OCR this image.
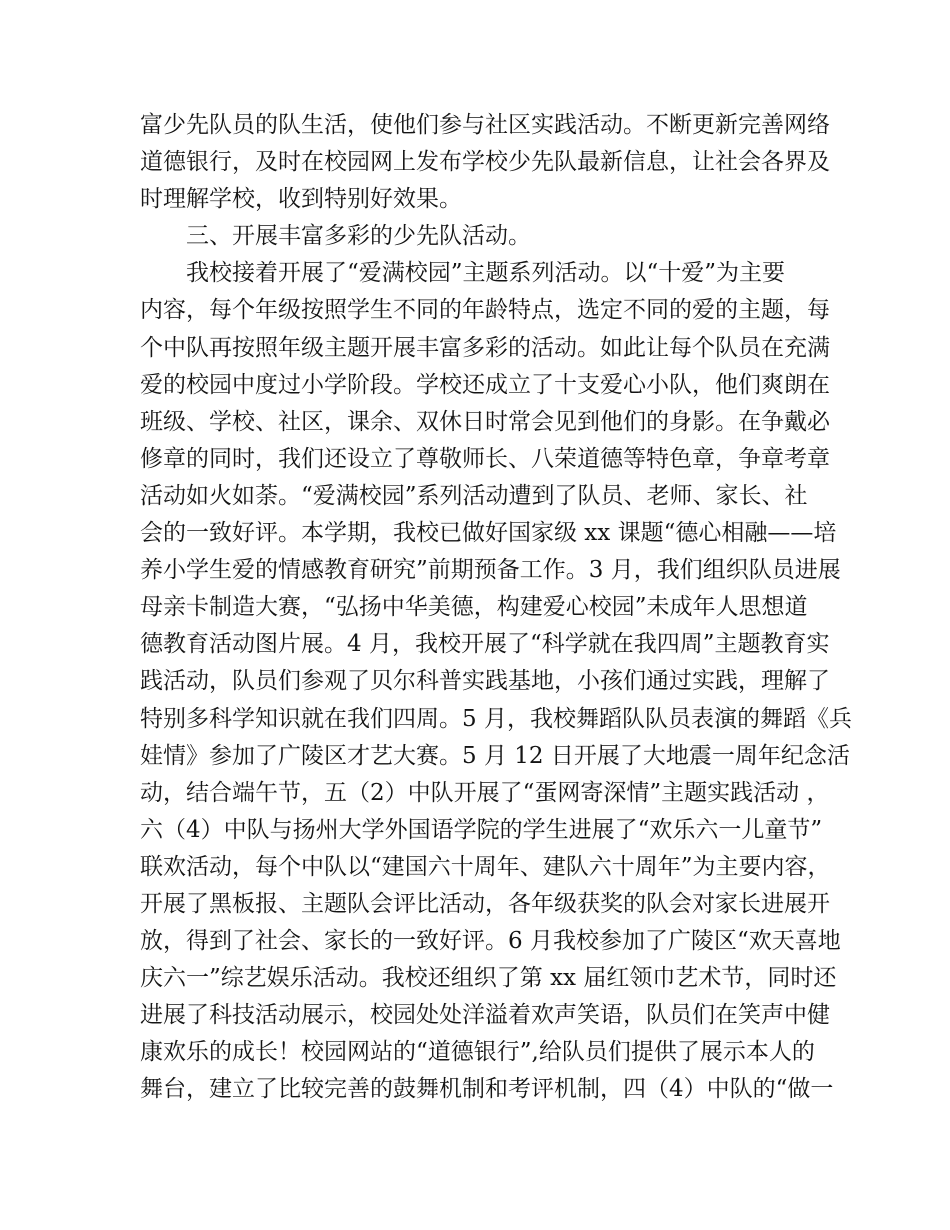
富少先队员的队生活，使他们参与社区实践活动。不断更新完善网络
道德银行，及时在校园网上发布学校少先队最新信息，让社会各界及
时理解学校，收到特别好效果。
三、开展丰富多彩的少先队活动。
我校接着开展了“爱满校园”主题系列活动。以“十爱”为主要
内容，每个年级按照学生不同的年龄特点，选定不同的爱的主题，每
个中队再按照年级主题开展丰富多彩的活动。如此让每个队员在充满
爱的校园中度过小学阶段。学校还成立了十支爱心小队，他们爽朗在
班级、学校、社区，课余、双休日时常会见到他们的身影。在争戴必
修章的同时，我们还设立了尊敬师长、八荣道德等特色章，争章考章
活动如火如荼。“爱满校园”系列活动遭到了队员、老师、家长、社
会的一致好评。本学期，我校已做好国家级 xx 课题“德心相融——培
养小学生爱的情感教育研究”前期预备工作。3 月，我们组织队员进展
母亲卡制造大赛，“弘扬中华美德，构建爱心校园”未成年人思想道
德教育活动图片展。4 月，我校开展了“科学就在我四周”主题教育实
践活动，队员们参观了贝尔科普实践基地，小孩们通过实践，理解了
特别多科学知识就在我们四周。5 月，我校舞蹈队队员表演的舞蹈《兵
娃情》参加了广陵区才艺大赛。5 月 12 日开展了大地震一周年纪念活
动，结合端午节，五（2）中队开展了“蛋网寄深情”主题实践活动 ，
六（4）中队与扬州大学外国语学院的学生进展了“欢乐六一儿童节”
联欢活动，每个中队以“建国六十周年、建队六十周年”为主要内容，
开展了黑板报、主题队会评比活动，各年级获奖的队会对家长进展开
放，得到了社会、家长的一致好评。6 月我校参加了广陵区“欢天喜地
庆六一”综艺娱乐活动。我校还组织了第 xx 届红领巾艺术节，同时还
进展了科技活动展示，校园处处洋溢着欢声笑语，队员们在笑声中健
康欢乐的成长！校园网站的“道德银行”,给队员们提供了展示本人的
舞台，建立了比较完善的鼓舞机制和考评机制，四（4）中队的“做一
